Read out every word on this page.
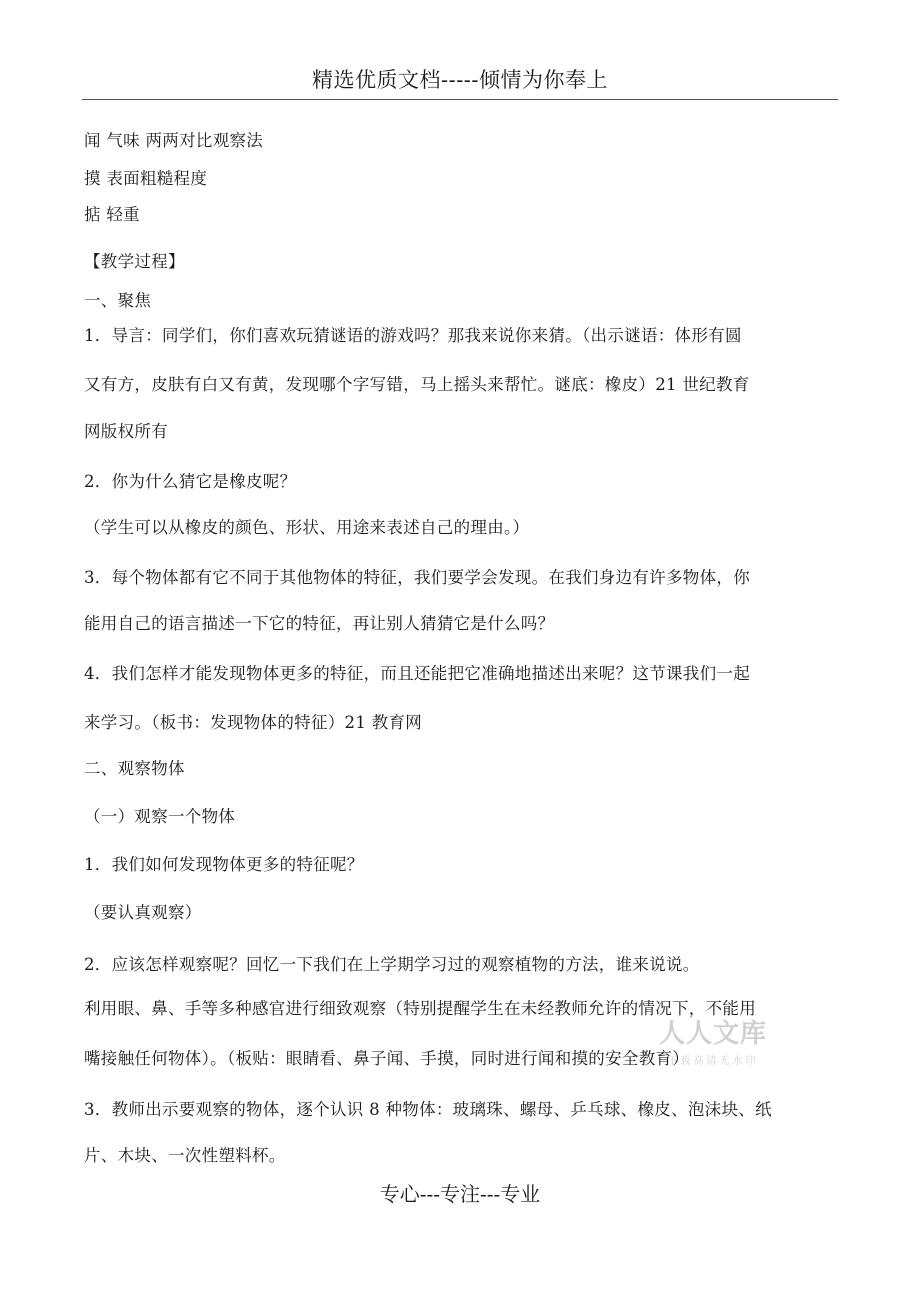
精选优质文档-----倾情为你奉上
闻 气味 两两对比观察法
摸 表面粗糙程度
掂 轻重
【教学过程】
一、聚焦
1．导言：同学们，你们喜欢玩猜谜语的游戏吗？那我来说你来猜。（出示谜语：体形有圆
又有方，皮肤有白又有黄，发现哪个字写错，马上摇头来帮忙。谜底：橡皮）21 世纪教育
网版权所有
2．你为什么猜它是橡皮呢？
（学生可以从橡皮的颜色、形状、用途来表述自己的理由。）
3．每个物体都有它不同于其他物体的特征，我们要学会发现。在我们身边有许多物体，你
能用自己的语言描述一下它的特征，再让别人猜猜它是什么吗？
4．我们怎样才能发现物体更多的特征，而且还能把它准确地描述出来呢？这节课我们一起
来学习。（板书：发现物体的特征）21 教育网
二、观察物体
（一）观察一个物体
1．我们如何发现物体更多的特征呢？
（要认真观察）
2．应该怎样观察呢？回忆一下我们在上学期学习过的观察植物的方法，谁来说说。
利用眼、鼻、手等多种感官进行细致观察（特别提醒学生在未经教师允许的情况下，不能用
嘴接触任何物体）。（板贴：眼睛看、鼻子闻、手摸，同时进行闻和摸的安全教育）
3．教师出示要观察的物体，逐个认识 8 种物体：玻璃珠、螺母、乒乓球、橡皮、泡沫块、纸
片、木块、一次性塑料杯。
人人文库
下载高清无水印
专心---专注---专业
